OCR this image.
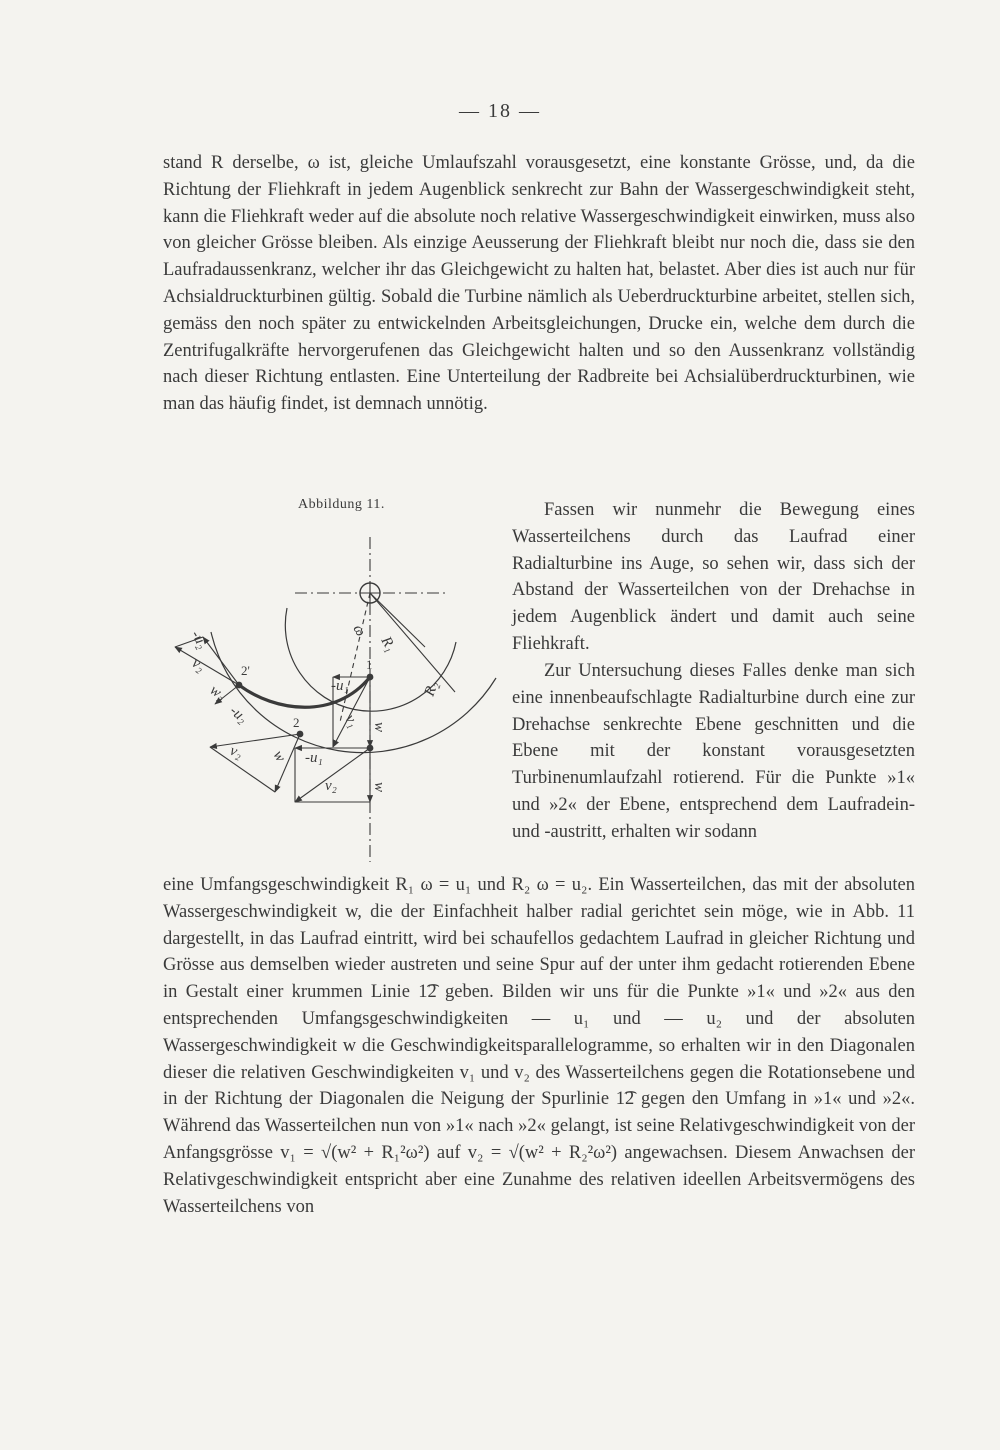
— 18 —

stand R derselbe, ω ist, gleiche Umlaufszahl vorausgesetzt, eine konstante Grösse, und, da die Richtung der Fliehkraft in jedem Augenblick senkrecht zur Bahn der Wassergeschwindigkeit steht, kann die Fliehkraft weder auf die absolute noch relative Wassergeschwindigkeit einwirken, muss also von gleicher Grösse bleiben. Als einzige Aeusserung der Fliehkraft bleibt nur noch die, dass sie den Laufradaussenkranz, welcher ihr das Gleichgewicht zu halten hat, belastet. Aber dies ist auch nur für Achsialdruckturbinen gültig. Sobald die Turbine nämlich als Ueberdruckturbine arbeitet, stellen sich, gemäss den noch später zu entwickelnden Arbeitsgleichungen, Drucke ein, welche dem durch die Zentrifugalkräfte hervorgerufenen das Gleichgewicht halten und so den Aussenkranz vollständig nach dieser Richtung entlasten. Eine Unterteilung der Radbreite bei Achsialüberdruckturbinen, wie man das häufig findet, ist demnach unnötig.

Abbildung 11.
-u₂
v₂
w₂
2'
ω
R₁
R₂
-u₁
1
v₁ w
-u₂	2
v₂ w -u₁
v₂ w

Fassen wir nunmehr die Bewegung eines Wasserteilchens durch das Laufrad einer Radialturbine ins Auge, so sehen wir, dass sich der Abstand der Wasserteilchen von der Drehachse in jedem Augenblick ändert und damit auch seine Fliehkraft.

Zur Untersuchung dieses Falles denke man sich eine innenbeaufschlagte Radialturbine durch eine zur Drehachse senkrechte Ebene geschnitten und die Ebene mit der konstant vorausgesetzten Turbinenumlaufzahl rotierend. Für die Punkte »1« und »2« der Ebene, entsprechend dem Laufradein- und -austritt, erhalten wir sodann

eine Umfangsgeschwindigkeit R₁ ω = u₁ und R₂ ω = u₂. Ein Wasserteilchen, das mit der absoluten Wassergeschwindigkeit w, die der Einfachheit halber radial gerichtet sein möge, wie in Abb. 11 dargestellt, in das Laufrad eintritt, wird bei schaufellos gedachtem Laufrad in gleicher Richtung und Grösse aus demselben wieder austreten und seine Spur auf der unter ihm gedacht rotierenden Ebene in Gestalt einer krummen Linie 1͡2 geben. Bilden wir uns für die Punkte »1« und »2« aus den entsprechenden Umfangsgeschwindigkeiten — u₁ und — u₂ und der absoluten Wassergeschwindigkeit w die Geschwindigkeitsparallelogramme, so erhalten wir in den Diagonalen dieser die relativen Geschwindigkeiten v₁ und v₂ des Wasserteilchens gegen die Rotationsebene und in der Richtung der Diagonalen die Neigung der Spurlinie 1͡2 gegen den Umfang in »1« und »2«. Während das Wasserteilchen nun von »1« nach »2« gelangt, ist seine Relativgeschwindigkeit von der Anfangsgrösse v₁ = √(w² + R₁²ω²) auf v₂ = √(w² + R₂²ω²) angewachsen. Diesem Anwachsen der Relativgeschwindigkeit entspricht aber eine Zunahme des relativen ideellen Arbeitsvermögens des Wasserteilchens von
